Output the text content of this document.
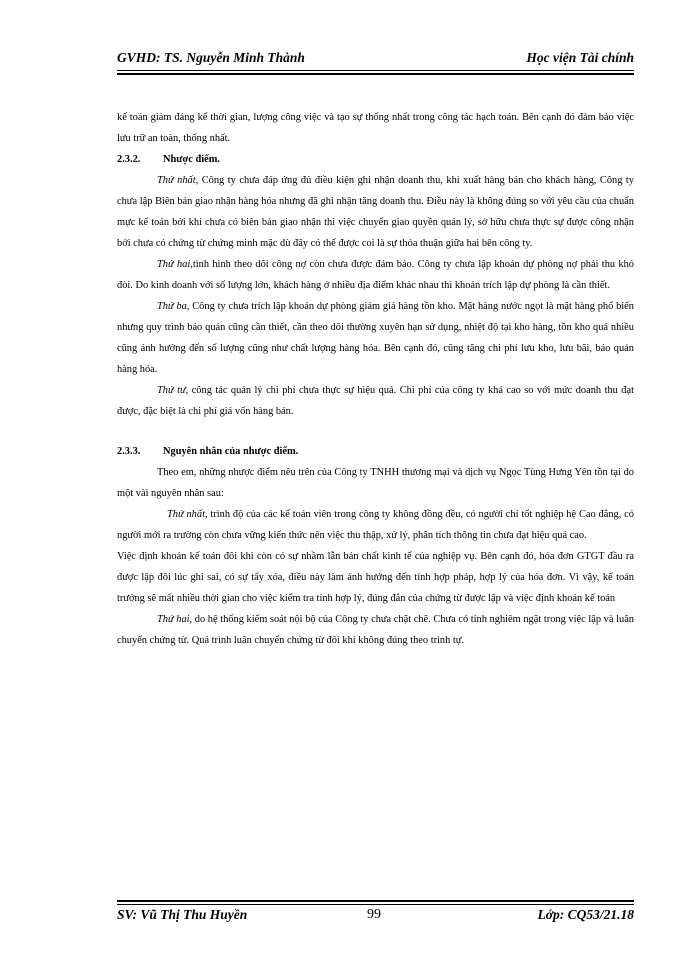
GVHD: TS. Nguyễn Minh Thành	Học viện Tài chính

kế toán giảm đáng kể thời gian, lượng công việc và tạo sự thống nhất trong công tác hạch toán. Bên cạnh đó đảm bảo việc lưu trữ an toàn, thống nhất.

2.3.2. Nhược điểm.

Thứ nhất, Công ty chưa đáp ứng đủ điều kiện ghi nhận doanh thu, khi xuất hàng bán cho khách hàng, Công ty chưa lập Biên bản giao nhận hàng hóa nhưng đã ghi nhận tăng doanh thu. Điều này là không đúng so với yêu cầu của chuẩn mực kế toán bởi khi chưa có biên bản giao nhận thì việc chuyển giao quyền quản lý, sở hữu chưa thực sự được công nhận bởi chưa có chứng từ chứng minh mặc dù đây có thể được coi là sự thỏa thuận giữa hai bên công ty.

Thứ hai,tình hình theo dõi công nợ còn chưa được đảm bảo. Công ty chưa lập khoản dự phòng nợ phải thu khó đòi. Do kinh doanh với số lượng lớn, khách hàng ở nhiều địa điểm khác nhau thì khoản trích lập dự phòng là cần thiết.

Thứ ba, Công ty chưa trích lập khoản dự phòng giảm giá hàng tồn kho. Mặt hàng nước ngọt là mặt hàng phổ biến nhưng quy trình bảo quản cũng cần thiết, cần theo dõi thường xuyên hạn sử dụng, nhiệt độ tại kho hàng, tồn kho quá nhiều cũng ảnh hưởng đến số lượng cũng như chất lượng hàng hóa. Bên cạnh đó, cũng tăng chi phí lưu kho, lưu bãi, bảo quản hàng hóa.

Thứ tư, công tác quản lý chi phí chưa thực sự hiệu quả. Chi phí của công ty khá cao so với mức doanh thu đạt được, đặc biệt là chi phí giá vốn hàng bán.

2.3.3. Nguyên nhân của nhược điểm.

Theo em, những nhược điểm nêu trên của Công ty TNHH thương mại và dịch vụ Ngọc Tùng Hưng Yên tồn tại do một vài nguyên nhân sau:

Thứ nhất, trình độ của các kế toán viên trong công ty không đồng đều, có người chỉ tốt nghiệp hệ Cao đẳng, có người mới ra trường còn chưa vững kiến thức nên việc thu thập, xử lý, phân tích thông tin chưa đạt hiệu quả cao.

Việc định khoản kế toán đôi khi còn có sự nhầm lẫn bản chất kinh tế của nghiệp vụ. Bên cạnh đó, hóa đơn GTGT đầu ra được lập đôi lúc ghi sai, có sự tẩy xóa, điều này làm ảnh hưởng đến tính hợp pháp, hợp lý của hóa đơn. Vì vậy, kế toán trưởng sẽ mất nhiều thời gian cho việc kiểm tra tính hợp lý, đúng đắn của chứng từ được lập và việc định khoản kế toán

Thứ hai, do hệ thống kiểm soát nội bộ của Công ty chưa chặt chẽ. Chưa có tính nghiêm ngặt trong việc lập và luân chuyển chứng từ. Quá trình luân chuyển chứng từ đôi khi không đúng theo trình tự.

SV: Vũ Thị Thu Huyền	99	Lớp: CQ53/21.18
